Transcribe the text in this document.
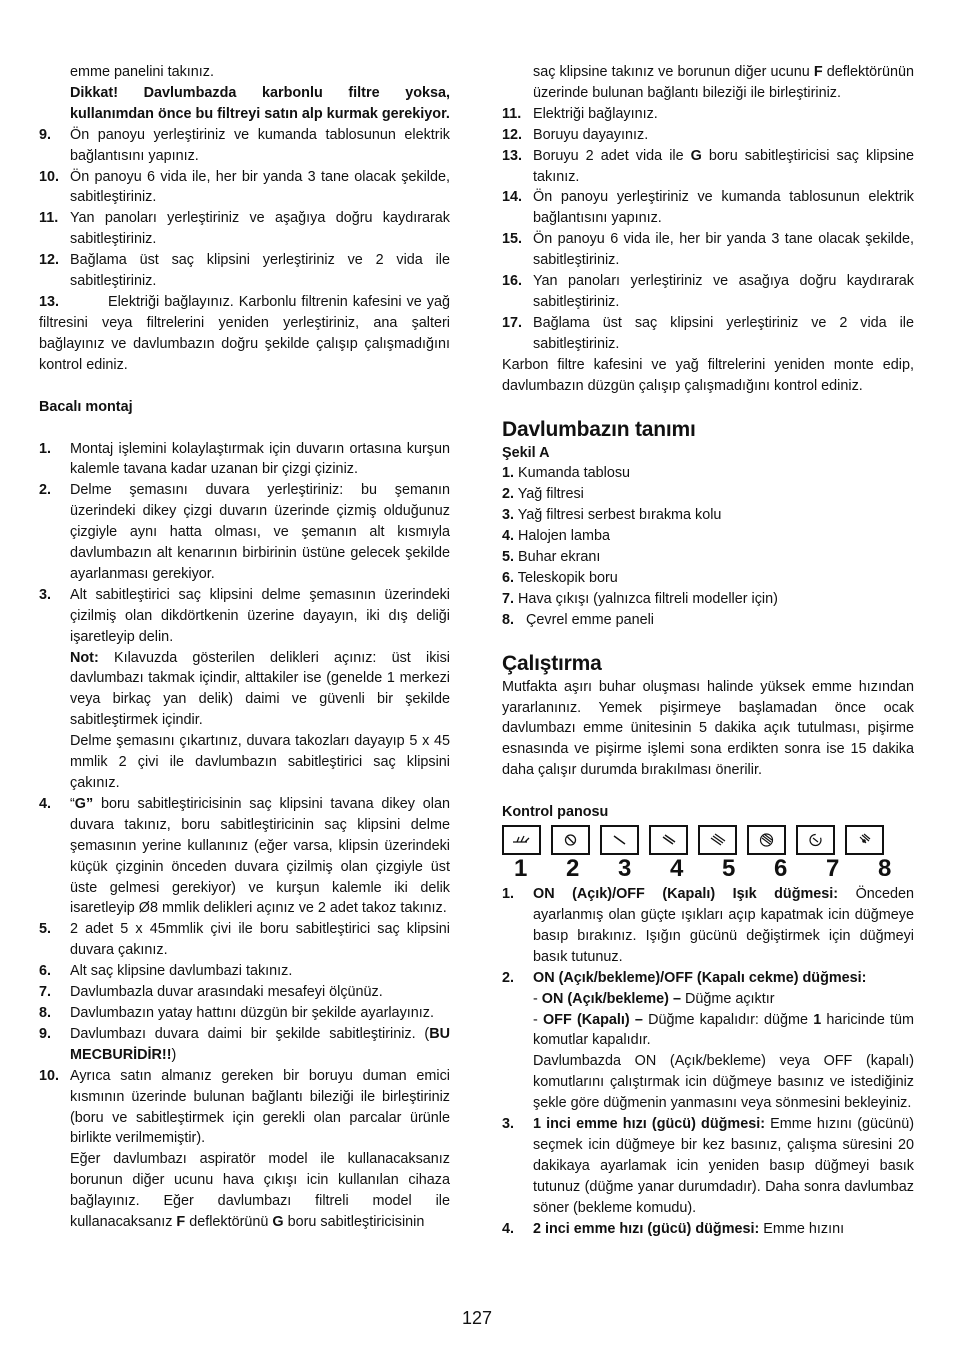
emme panelini takınız.

Dikkat! Davlumbazda karbonlu filtre yoksa, kullanımdan önce bu filtreyi satın alp kurmak gerekiyor.

9.	Ön panoyu yerleştiriniz ve kumanda tablosunun elektrik bağlantısını yapınız.
10. Ön panoyu 6 vida ile, her bir yanda 3 tane olacak şekilde, sabitleştiriniz.
11. Yan panoları yerleştiriniz ve aşağıya doğru kaydırarak sabitleştiriniz.
12. Bağlama üst saç klipsini yerleştiriniz ve 2 vida ile sabitleştiriniz.

13.	Elektriği bağlayınız. Karbonlu filtrenin kafesini ve yağ filtresini veya filtrelerini yeniden yerleştiriniz, ana şalteri bağlayınız ve davlumbazın doğru şekilde çalışıp çalışmadığını kontrol ediniz.

Bacalı montaj

1.	Montaj işlemini kolaylaştırmak için duvarın ortasına kurşun kalemle tavana kadar uzanan bir çizgi çiziniz.
2.	Delme şemasını duvara yerleştiriniz: bu şemanın üzerindeki dikey çizgi duvarın üzerinde çizmiş olduğunuz çizgiyle aynı hatta olması, ve şemanın alt kısmıyla davlumbazın alt kenarının birbirinin üstüne gelecek şekilde ayarlanması gerekiyor.
3.	Alt sabitleştirici saç klipsini delme şemasının üzerindeki çizilmiş olan dikdörtkenin üzerine dayayın, iki dış deliği işaretleyip delin.

Not: Kılavuzda gösterilen delikleri açınız: üst ikisi davlumbazı takmak içindir, alttakiler ise (genelde 1 merkezi veya birkaç yan delik) daimi ve güvenli bir şekilde sabitleştirmek içindir.

Delme şemasını çıkartınız, duvara takozları dayayıp 5 x 45 mmlik 2 çivi ile davlumbazın sabitleştirici saç klipsini çakınız.

4.	“G” boru sabitleştiricisinin saç klipsini tavana dikey olan duvara takınız, boru sabitleştiricinin saç klipsini delme şemasının yerine kullanınız (eğer varsa, klipsin üzerindeki küçük çizginin önceden duvara çizilmiş olan çizgiyle üst üste gelmesi gerekiyor) ve kurşun kalemle iki delik isaretleyip Ø8 mmlik delikleri açınız ve 2 adet takoz takınız.
5.	2 adet 5 x 45mmlik çivi ile boru sabitleştirici saç klipsini duvara çakınız.
6.	Alt saç klipsine davlumbazi takınız.
7.	Davlumbazla duvar arasındaki mesafeyi ölçünüz.
8.	Davlumbazın yatay hattını düzgün bir şekilde ayarlayınız.
9.	Davlumbazı duvara daimi bir şekilde sabitleştiriniz. (BU MECBURİDİR!!)
10. Ayrıca satın almanız gereken bir boruyu duman emici kısmının üzerinde bulunan bağlantı bileziği ile birleştiriniz (boru ve sabitleştirmek için gerekli olan parcalar ürünle birlikte verilmemiştir).

Eğer davlumbazı aspiratör model ile kullanacaksanız borunun diğer ucunu hava çıkışı icin kullanılan cihaza bağlayınız. Eğer davlumbazı filtreli model ile kullanacaksanız F deflektörünü G boru sabitleştiricisinin

saç klipsine takınız ve borunun diğer ucunu F deflektörünün üzerinde bulunan bağlantı bileziği ile birleştiriniz.

11. Elektriği bağlayınız.
12. Boruyu dayayınız.
13. Boruyu 2 adet vida ile G boru sabitleştiricisi saç klipsine takınız.
14. Ön panoyu yerleştiriniz ve kumanda tablosunun elektrik bağlantısını yapınız.
15. Ön panoyu 6 vida ile, her bir yanda 3 tane olacak şekilde, sabitleştiriniz.
16. Yan panoları yerleştiriniz ve asağıya doğru kaydırarak sabitleştiriniz.
17. Bağlama üst saç klipsini yerleştiriniz ve 2 vida ile sabitleştiriniz.

Karbon filtre kafesini ve yağ filtrelerini yeniden monte edip, davlumbazın düzgün çalışıp çalışmadığını kontrol ediniz.

Davlumbazın tanımı

Şekil A

1. Kumanda tablosu

2. Yağ filtresi

3. Yağ filtresi serbest bırakma kolu

4. Halojen lamba

5. Buhar ekranı

6. Teleskopik boru

7. Hava çıkışı (yalnızca filtreli modeller için)

8.   Çevrel emme paneli

Çalıştırma

Mutfakta aşırı buhar oluşması halinde yüksek emme hızından yararlanınız. Yemek pişirmeye başlamadan önce ocak davlumbazı emme ünitesinin 5 dakika açık tutulması, pişirme esnasında ve pişirme işlemi sona erdikten sonra ise 15 dakika daha çalışır durumda bırakılması önerilir.

Kontrol panosu

1	2	3	4	5	6	7	8
1.	ON (Açık)/OFF (Kapalı) Işık düğmesi: Önceden ayarlanmış olan güçte ışıkları açıp kapatmak icin düğmeye basıp bırakınız. Işığın gücünü değiştirmek için düğmeyi basık tutunuz.
2.	ON (Açık/bekleme)/OFF (Kapalı cekme) düğmesi:

- ON (Açık/bekleme) – Düğme açıktır

- OFF (Kapalı) – Düğme kapalıdır: düğme 1 haricinde tüm komutlar kapalıdır.

Davlumbazda ON (Açık/bekleme) veya OFF (kapalı) komutlarını çalıştırmak icin düğmeye basınız ve istediğiniz şekle göre düğmenin yanmasını veya sönmesini bekleyiniz.

3.	1 inci emme hızı (gücü) düğmesi: Emme hızını (gücünü) seçmek icin düğmeye bir kez basınız, çalışma süresini 20 dakikaya ayarlamak icin yeniden basıp düğmeyi basık tutunuz (düğme yanar durumdadır). Daha sonra davlumbaz söner (bekleme komudu).
4.	2 inci emme hızı (gücü) düğmesi: Emme hızını
127
